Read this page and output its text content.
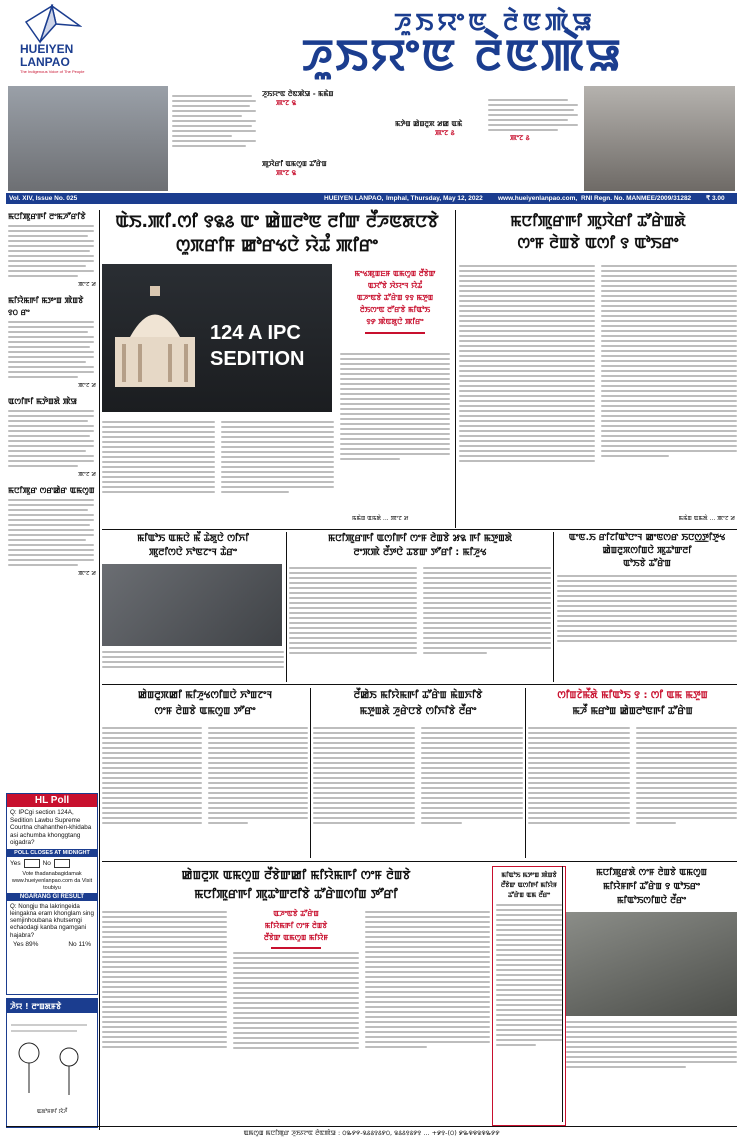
HUEIYEN
LANPAO
The Indigenous Voice of The People
ꯍꯨꯏꯌꯦꯟ ꯂꯥꯟꯄꯥꯎ
ꯍꯨꯏꯌꯦꯟ ꯂꯥꯟꯄꯥꯎ
ꯍꯨꯏꯌꯦꯟ ꯂꯥꯟꯄꯥꯎ - ꯃꯃꯥꯡ
ꯄꯦꯖ ꯲
ꯃꯇꯥꯡ ꯀꯥꯡꯂꯨꯞ ꯷ꯀ ꯑꯃꯥ
ꯄꯦꯖ ꯴
ꯄꯨꯋꯥꯔꯤ ꯑꯃꯁꯨꯡ ꯊꯧꯔꯥꯡ
ꯄꯦꯖ ꯲
ꯄꯦꯖ ꯴
Vol. XIV, Issue No. 025	HUEIYEN LANPAO, Imphal, Thursday, May 12, 2022 www.hueiyenlanpao.com, RNI Regn. No. MANMEE/2009/31282 ₹ 3.00
ꯃꯅꯤꯄꯨꯔꯒꯤ ꯂꯦꯃꯍꯧꯔꯤꯕꯥ
ꯄꯦꯖ ꯷
ꯃꯤꯌꯥꯃꯒꯤ ꯃꯇꯦꯡ ꯄꯥꯡꯕꯥ ꯱꯰ ꯔꯦ
ꯄꯦꯖ ꯷
ꯑꯁꯤꯒꯤ ꯃꯇꯥꯡꯗꯥ ꯄꯥꯎ
ꯄꯦꯖ ꯷
ꯃꯅꯤꯄꯨꯔ ꯁꯔꯀꯥꯔ ꯑꯃꯁꯨꯡ
ꯄꯦꯖ ꯷
HL Poll
Q: IPCgi section 124A, Sedition Lawbu Supreme Courtna chahanthen-khidaba asi achumba khonggtang oigadra?
POLL CLOSES AT MIDNIGHT
Yes	No
Vote thadanabagidamak www.hueiyenlanpao.com da Visit toubiyu
NGARANG GI RESULT
Q: Nongju tha lakringeida leingakna eram khonglam sing semjinhoubana khutsemgi echaodagi kanba ngamgani hajabra?
Yes 89%	No 11%
ꯍꯥꯌ ! ꯂꯦꯡꯗꯝꯕꯥ
ꯑꯗꯣꯝꯒꯤ ꯋꯥꯍꯩ
ꯑꯥꯏ.ꯄꯤ.ꯁꯤ ꯱꯲꯴ ꯑꯦ ꯀꯥꯡꯂꯣꯟ ꯂꯤꯛ ꯂꯩꯍꯟꯗꯅꯕꯥ
ꯁꯨꯞꯔꯤꯝ ꯀꯣꯔꯠꯅꯥ ꯌꯥꯊꯪ ꯄꯤꯔꯦ
124 A IPC
SEDITION
ꯃꯦꯠꯄꯨꯡꯐꯝ ꯑꯃꯁꯨꯡ ꯂꯩꯕꯥꯛ
ꯑꯆꯧꯕꯥ ꯋꯥꯌꯦꯜ ꯌꯥꯊꯪ
ꯑꯍꯦꯟꯕꯥ ꯊꯧꯔꯥꯡ ꯱꯱ ꯃꯇꯨꯡ
ꯂꯥꯏꯁꯦꯟ ꯂꯧꯔꯕꯥ ꯃꯤꯑꯣꯏ
꯱꯸ ꯄꯥꯟꯗꯨꯅꯥ ꯄꯤꯔꯦ
ꯃꯃꯥꯡ ꯑꯃꯗꯥ ... ꯄꯦꯖ ꯷
ꯃꯅꯤꯄꯨꯔꯒꯤ ꯄꯨꯋꯥꯔꯤ ꯊꯧꯔꯥꯡꯗꯥ
ꯁꯦꯝ ꯂꯥꯡꯕꯥ ꯑꯁꯤ ꯱ ꯑꯣꯏꯔꯦ
ꯃꯃꯥꯡ ꯑꯃꯗꯥ ... ꯄꯦꯖ ꯷
ꯃꯤꯑꯣꯏ ꯑꯃꯅꯥ ꯃꯩ ꯊꯥꯗꯨꯅꯥ ꯁꯤꯈꯤ
ꯄꯨꯂꯤꯁꯅꯥ ꯈꯣꯟꯖꯦꯜ ꯊꯥꯔꯦ
ꯃꯅꯤꯄꯨꯔꯒꯤ ꯑꯁꯤꯒꯤ ꯁꯦꯝ ꯂꯥꯡꯕꯥ ꯷꯲ ꯒꯤ ꯃꯇꯨꯡꯗꯥ
ꯂꯦꯞꯄꯥ ꯂꯩꯇꯅꯥ ꯊꯕꯛ ꯇꯧꯔꯤ : ꯃꯤꯍꯨꯠ
ꯑꯦꯟ.ꯏ ꯔꯤꯖꯤꯑꯣꯅꯦꯜ ꯀꯦꯟꯁꯔ ꯏꯅꯁ꯭ꯇꯤꯇꯨꯠ
ꯀꯥꯡꯂꯨꯞꯁꯤꯡꯅꯥ ꯄꯨꯊꯣꯛꯂꯤ
ꯑꯣꯏꯕꯥ ꯊꯧꯔꯥꯡ
ꯀꯥꯡꯂꯨꯞꯀꯤ ꯃꯤꯍꯨꯠꯁꯤꯡꯅꯥ ꯈꯣꯡꯖꯦꯜ
ꯁꯦꯝ ꯂꯥꯡꯕꯥ ꯑꯃꯁꯨꯡ ꯇꯧꯔꯦ
ꯂꯩꯀꯥꯏ ꯃꯤꯌꯥꯃꯒꯤ ꯊꯧꯔꯥꯡ ꯃꯥꯡꯈꯤꯕꯥ
ꯃꯇꯨꯡꯗꯥ ꯍꯨꯔꯥꯅꯕꯥ ꯁꯤꯈꯤꯕꯥ ꯂꯩꯔꯦ
ꯁꯤꯡꯖꯥꯃꯩꯗꯥ ꯃꯤꯑꯣꯏ ꯱ : ꯁꯤ ꯑꯃ ꯃꯇꯨꯡ
ꯃꯍꯩ ꯃꯔꯣꯡ ꯀꯥꯡꯂꯣꯟꯒꯤ ꯊꯧꯔꯥꯡ
ꯀꯥꯡꯂꯨꯞ ꯑꯃꯁꯨꯡ ꯂꯩꯕꯥꯛꯀꯤ ꯃꯤꯌꯥꯃꯒꯤ ꯁꯦꯝ ꯂꯥꯡꯕꯥ
ꯃꯅꯤꯄꯨꯔꯒꯤ ꯄꯨꯊꯣꯛꯂꯤꯕꯥ ꯊꯧꯔꯥꯡꯁꯤꯡ ꯇꯧꯔꯤ
ꯑꯍꯦꯟꯕꯥ ꯊꯧꯔꯥꯡ
ꯃꯤꯌꯥꯃꯒꯤ ꯁꯦꯝ ꯂꯥꯡꯕꯥ
ꯂꯩꯕꯥꯛ ꯑꯃꯁꯨꯡ ꯃꯤꯌꯥꯝ
ꯃꯤꯑꯣꯏ ꯃꯇꯦꯡ ꯄꯥꯡꯕꯥ
ꯂꯩꯕꯥꯛ ꯑꯁꯤꯒꯤ ꯃꯤꯌꯥꯝ
ꯊꯧꯔꯥꯡ ꯑꯃ ꯂꯩꯔꯦ
ꯃꯅꯤꯄꯨꯔꯗꯥ ꯁꯦꯝ ꯂꯥꯡꯕꯥ ꯑꯃꯁꯨꯡ
ꯃꯤꯌꯥꯝꯒꯤ ꯊꯧꯔꯥꯡ ꯱ ꯑꯣꯏꯔꯦ
ꯃꯤꯑꯣꯏꯁꯤꯡꯅꯥ ꯂꯩꯔꯦ
ꯑꯃꯁꯨꯡ ꯃꯅꯤꯄꯨꯔ ꯍꯨꯏꯌꯦꯟ ꯂꯥꯟꯄꯥꯎ : ꯰꯳꯸꯵-꯲꯴꯴꯱꯴꯸꯰, ꯲꯴꯴꯱꯴꯸꯱ ... +꯹꯱-(꯰) ꯹꯳꯶꯶꯲꯶꯳꯸꯸
